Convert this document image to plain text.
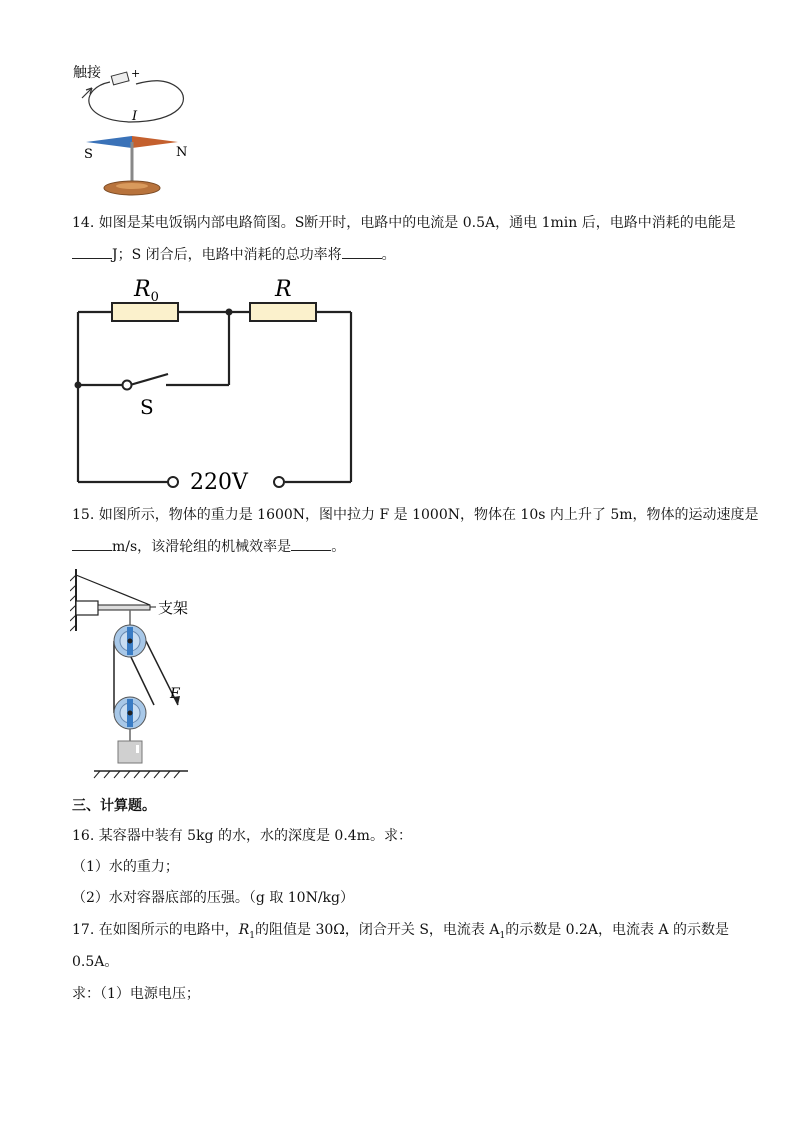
触接	+
I
S	N
14. 如图是某电饭锅内部电路简图。S断开时，电路中的电流是 0.5A，通电 1min 后，电路中消耗的电能是
J；S 闭合后，电路中消耗的总功率将	。
$R_0$	R
S
220V
15. 如图所示，物体的重力是 1600N，图中拉力 F 是 1000N，物体在 10s 内上升了 5m，物体的运动速度是
m/s，该滑轮组的机械效率是	。
支架
F
三、计算题。
16. 某容器中装有 5kg 的水，水的深度是 0.4m。求：
（1）水的重力；
（2）水对容器底部的压强。（g 取 10N/kg）
17. 在如图所示的电路中，$R_1$的阻值是 30Ω，闭合开关 S，电流表 $A_1$的示数是 0.2A，电流表 A 的示数是
0.5A。
求：（1）电源电压；
